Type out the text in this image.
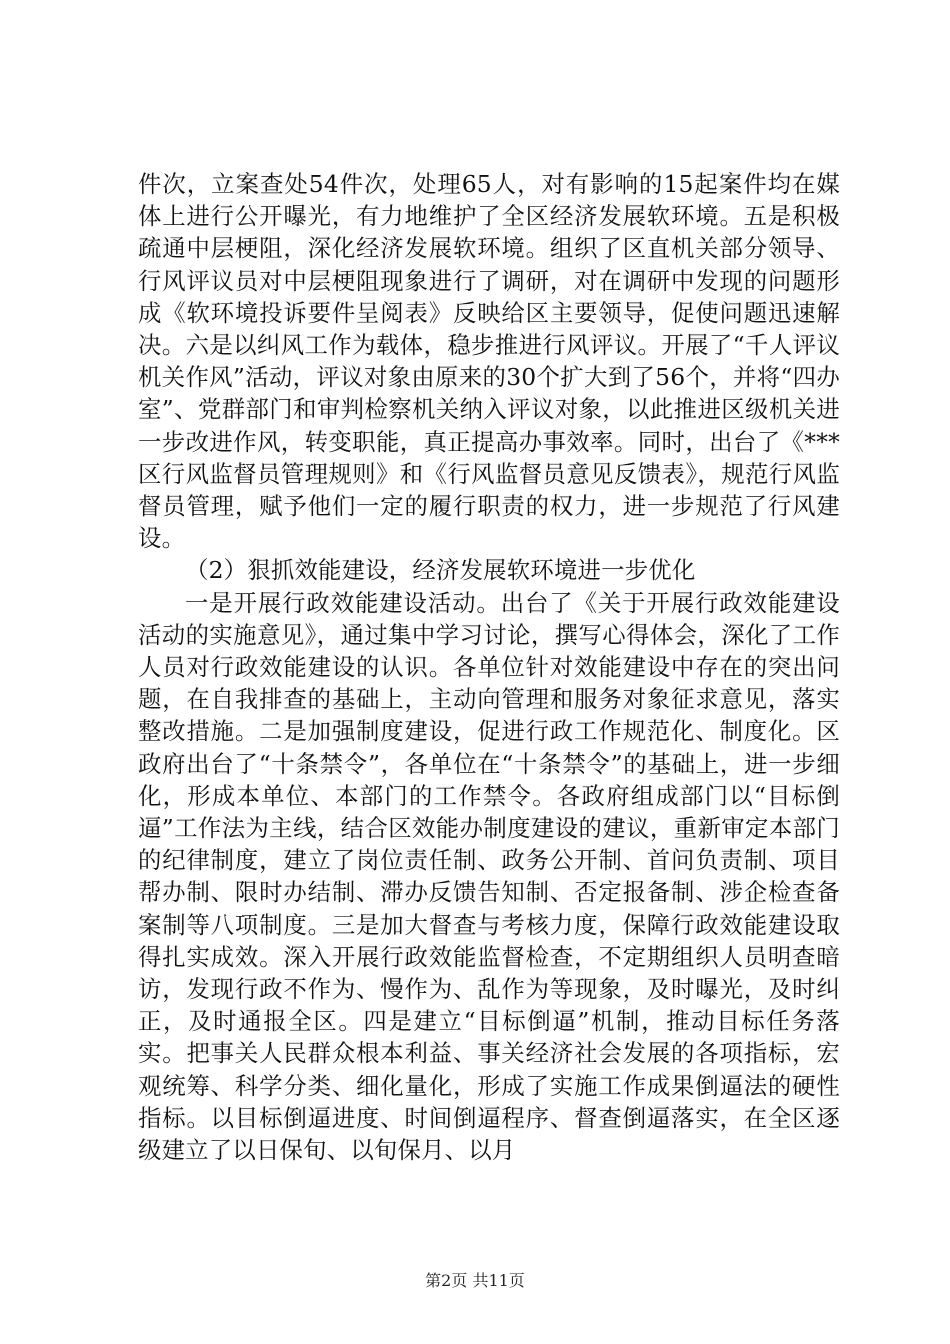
件次，立案查处54件次，处理65人，对有影响的15起案件均在媒体上进行公开曝光，有力地维护了全区经济发展软环境。五是积极疏通中层梗阻，深化经济发展软环境。组织了区直机关部分领导、行风评议员对中层梗阻现象进行了调研，对在调研中发现的问题形成《软环境投诉要件呈阅表》反映给区主要领导，促使问题迅速解决。六是以纠风工作为载体，稳步推进行风评议。开展了“千人评议机关作风”活动，评议对象由原来的30个扩大到了56个，并将“四办室”、党群部门和审判检察机关纳入评议对象，以此推进区级机关进一步改进作风，转变职能，真正提高办事效率。同时，出台了《***区行风监督员管理规则》和《行风监督员意见反馈表》，规范行风监督员管理，赋予他们一定的履行职责的权力，进一步规范了行风建设。

（2）狠抓效能建设，经济发展软环境进一步优化

一是开展行政效能建设活动。出台了《关于开展行政效能建设活动的实施意见》，通过集中学习讨论，撰写心得体会，深化了工作人员对行政效能建设的认识。各单位针对效能建设中存在的突出问题，在自我排查的基础上，主动向管理和服务对象征求意见，落实整改措施。二是加强制度建设，促进行政工作规范化、制度化。区政府出台了“十条禁令”，各单位在“十条禁令”的基础上，进一步细化，形成本单位、本部门的工作禁令。各政府组成部门以“目标倒逼”工作法为主线，结合区效能办制度建设的建议，重新审定本部门的纪律制度，建立了岗位责任制、政务公开制、首问负责制、项目帮办制、限时办结制、滞办反馈告知制、否定报备制、涉企检查备案制等八项制度。三是加大督查与考核力度，保障行政效能建设取得扎实成效。深入开展行政效能监督检查，不定期组织人员明查暗访，发现行政不作为、慢作为、乱作为等现象，及时曝光，及时纠正，及时通报全区。四是建立“目标倒逼”机制，推动目标任务落实。把事关人民群众根本利益、事关经济社会发展的各项指标，宏观统筹、科学分类、细化量化，形成了实施工作成果倒逼法的硬性指标。以目标倒逼进度、时间倒逼程序、督查倒逼落实，在全区逐级建立了以日保旬、以旬保月、以月

第2页 共11页
